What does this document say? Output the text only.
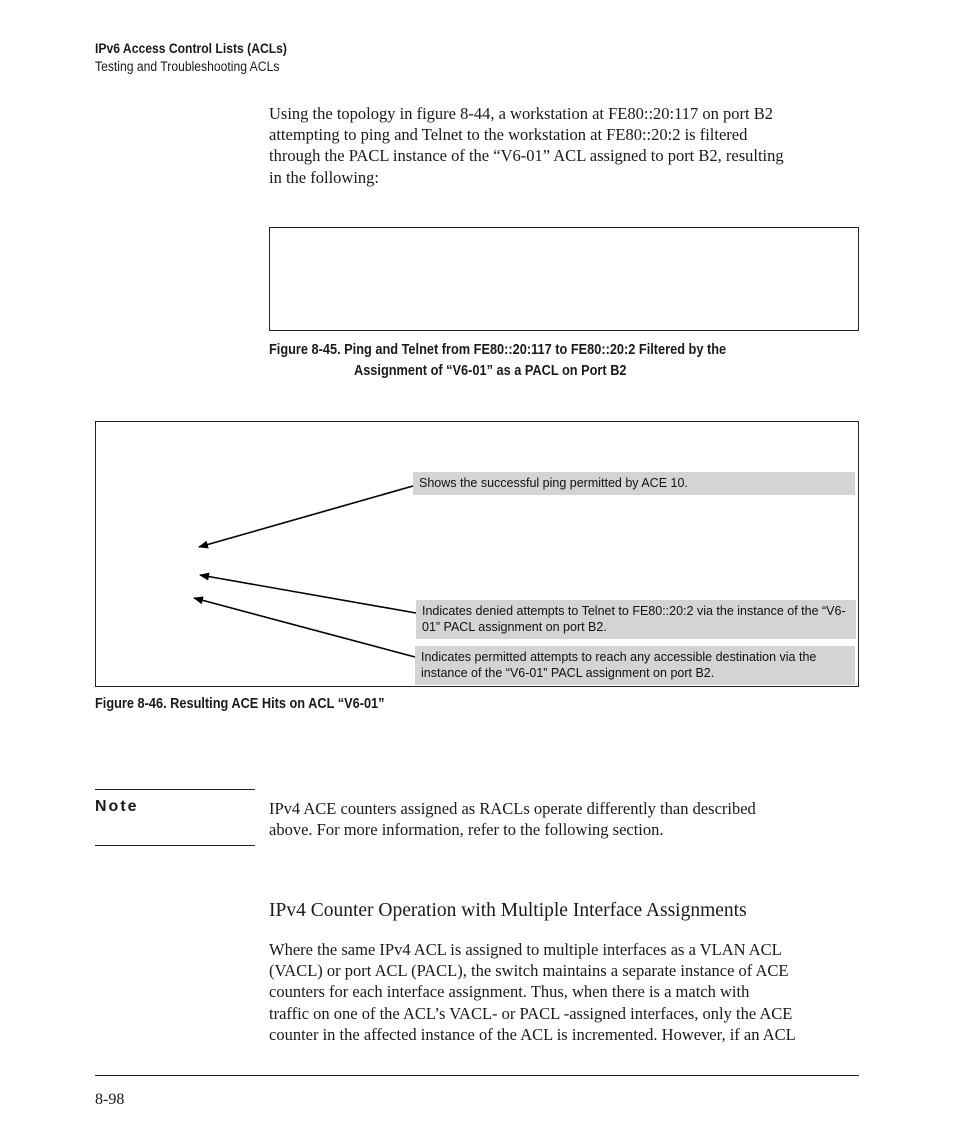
IPv6 Access Control Lists (ACLs)
Testing and Troubleshooting ACLs
Using the topology in figure 8-44, a workstation at FE80::20:117 on port B2
attempting to ping and Telnet to the workstation at FE80::20:2 is filtered
through the PACL instance of the “V6-01” ACL assigned to port B2, resulting
in the following:
Figure 8-45. Ping and Telnet from FE80::20:117 to FE80::20:2 Filtered by the
Assignment of “V6-01” as a PACL on Port B2
Shows the successful ping permitted by ACE 10.
Indicates denied attempts to Telnet to FE80::20:2 via the instance of the “V6-
01” PACL assignment on port B2.
Indicates permitted attempts to reach any accessible destination via the
instance of the “V6-01” PACL assignment on port B2.
Figure 8-46. Resulting ACE Hits on ACL “V6-01”
Note	IPv4 ACE counters assigned as RACLs operate differently than described
above. For more information, refer to the following section.
IPv4 Counter Operation with Multiple Interface Assignments
Where the same IPv4 ACL is assigned to multiple interfaces as a VLAN ACL
(VACL) or port ACL (PACL), the switch maintains a separate instance of ACE
counters for each interface assignment. Thus, when there is a match with
traffic on one of the ACL’s VACL- or PACL -assigned interfaces, only the ACE
counter in the affected instance of the ACL is incremented. However, if an ACL
8-98
